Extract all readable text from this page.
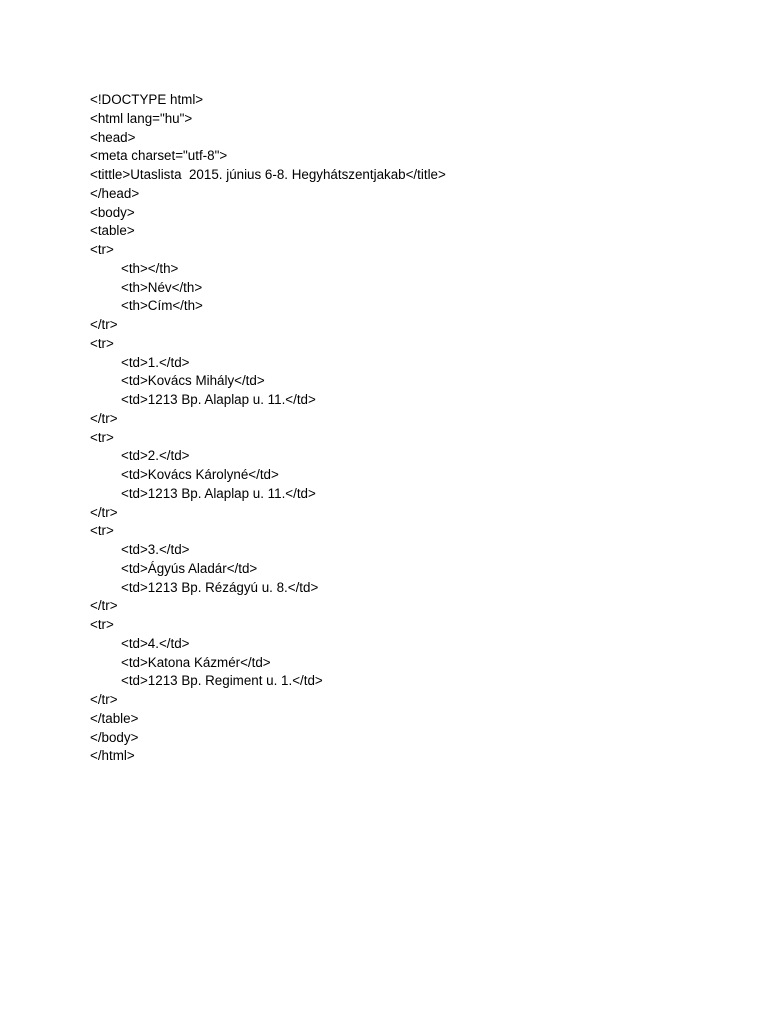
<!DOCTYPE html>
<html lang="hu">
<head>
<meta charset="utf-8">
<tittle>Utaslista  2015. június 6-8. Hegyhátszentjakab</title>
</head>
<body>
<table>
<tr>
<th></th>
<th>Név</th>
<th>Cím</th>
</tr>
<tr>
<td>1.</td>
<td>Kovács Mihály</td>
<td>1213 Bp. Alaplap u. 11.</td>
</tr>
<tr>
<td>2.</td>
<td>Kovács Károlyné</td>
<td>1213 Bp. Alaplap u. 11.</td>
</tr>
<tr>
<td>3.</td>
<td>Ágyús Aladár</td>
<td>1213 Bp. Rézágyú u. 8.</td>
</tr>
<tr>
<td>4.</td>
<td>Katona Kázmér</td>
<td>1213 Bp. Regiment u. 1.</td>
</tr>
</table>
</body>
</html>
